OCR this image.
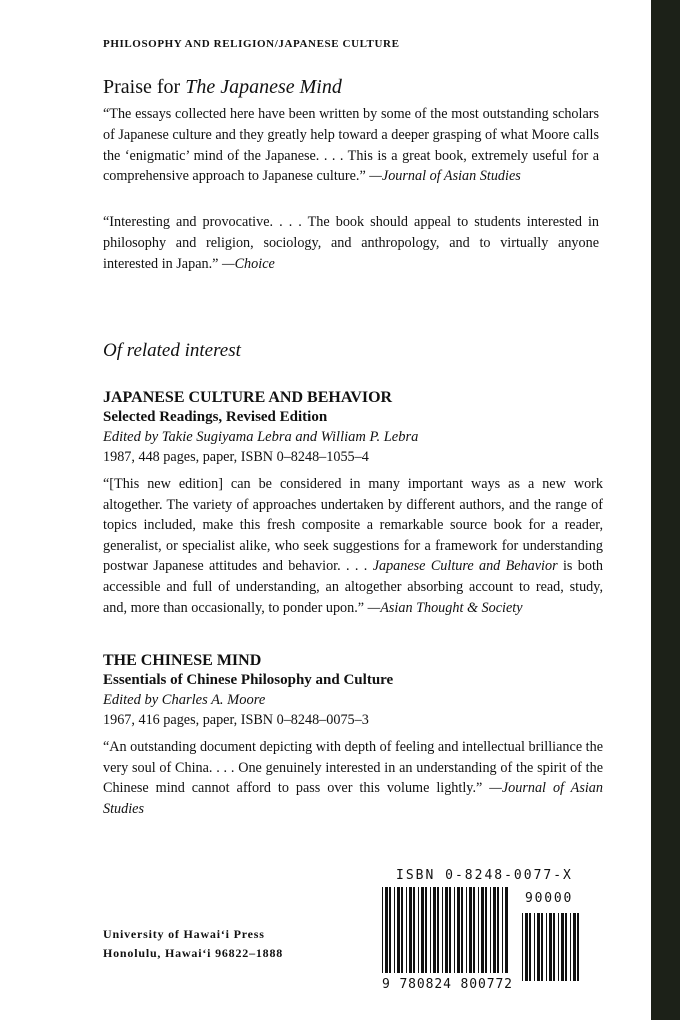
PHILOSOPHY AND RELIGION/JAPANESE CULTURE
Praise for The Japanese Mind

“The essays collected here have been written by some of the most outstanding scholars of Japanese culture and they greatly help toward a deeper grasping of what Moore calls the ‘enigmatic’ mind of the Japanese. . . . This is a great book, extremely useful for a comprehensive approach to Japanese culture.” —Journal of Asian Studies

“Interesting and provocative. . . . The book should appeal to students interested in philosophy and religion, sociology, and anthropology, and to virtually anyone interested in Japan.” —Choice

Of related interest
JAPANESE CULTURE AND BEHAVIOR
Selected Readings, Revised Edition
Edited by Takie Sugiyama Lebra and William P. Lebra
1987, 448 pages, paper, ISBN 0–8248–1055–4

“[This new edition] can be considered in many important ways as a new work altogether. The variety of approaches undertaken by different authors, and the range of topics included, make this fresh composite a remarkable source book for a reader, generalist, or specialist alike, who seek suggestions for a framework for understanding postwar Japanese attitudes and behavior. . . . Japanese Culture and Behavior is both accessible and full of understanding, an altogether absorbing account to read, study, and, more than occasionally, to ponder upon.” —Asian Thought & Society

THE CHINESE MIND
Essentials of Chinese Philosophy and Culture
Edited by Charles A. Moore
1967, 416 pages, paper, ISBN 0–8248–0075–3

“An outstanding document depicting with depth of feeling and intellectual brilliance the very soul of China. . . . One genuinely interested in an understanding of the spirit of the Chinese mind cannot afford to pass over this volume lightly.” —Journal of Asian Studies

University of Hawai‘i Press
Honolulu, Hawai‘i 96822–1888
ISBN 0-8248-0077-X
9 780824 800772
90000
